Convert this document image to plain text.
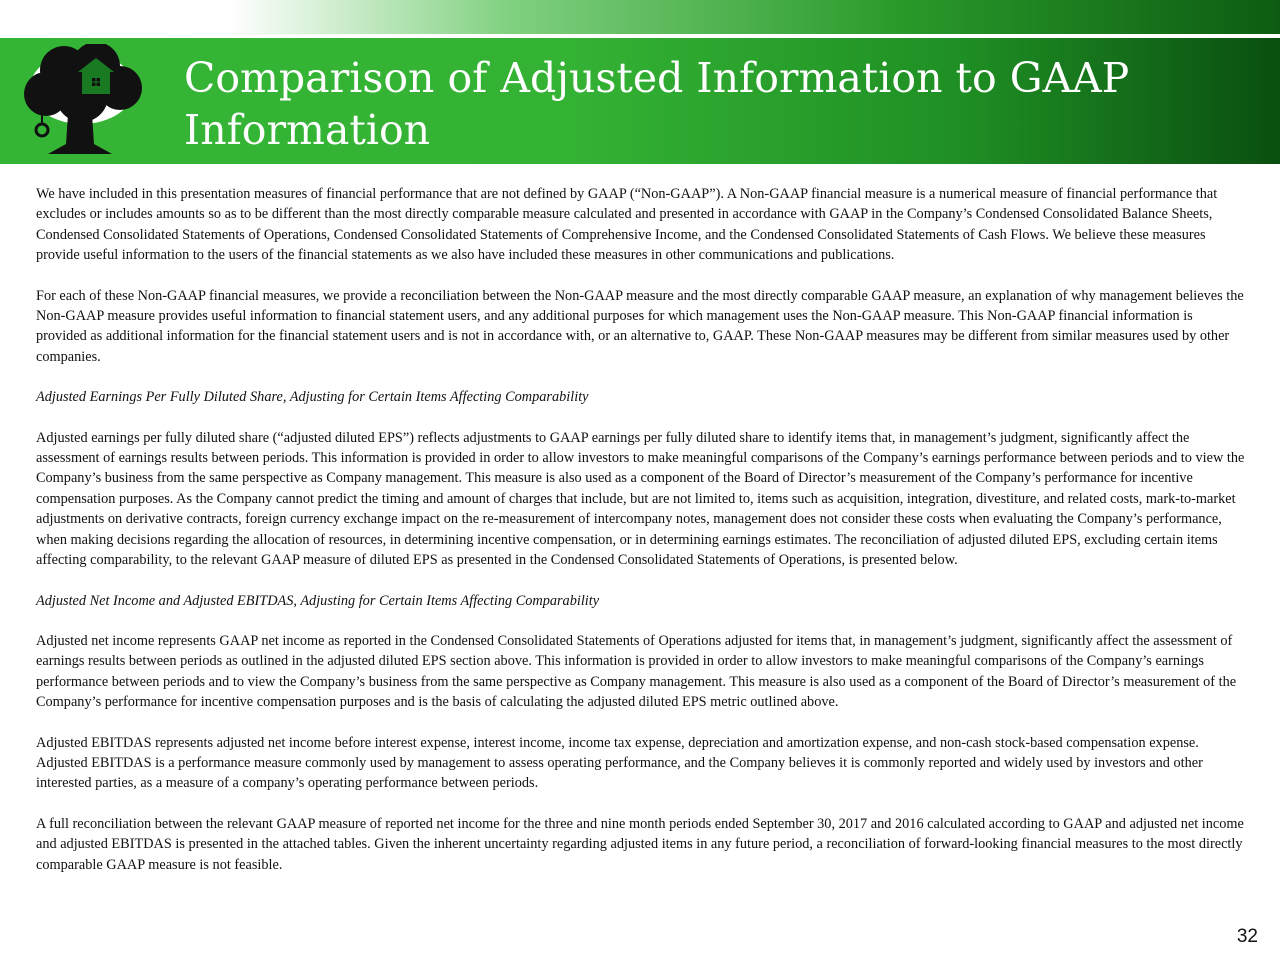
Comparison of Adjusted Information to GAAP Information

We have included in this presentation measures of financial performance that are not defined by GAAP (“Non-GAAP”). A Non-GAAP financial measure is a numerical measure of financial performance that excludes or includes amounts so as to be different than the most directly comparable measure calculated and presented in accordance with GAAP in the Company’s Condensed Consolidated Balance Sheets, Condensed Consolidated Statements of Operations, Condensed Consolidated Statements of Comprehensive Income, and the Condensed Consolidated Statements of Cash Flows. We believe these measures provide useful information to the users of the financial statements as we also have included these measures in other communications and publications.

For each of these Non-GAAP financial measures, we provide a reconciliation between the Non-GAAP measure and the most directly comparable GAAP measure, an explanation of why management believes the Non-GAAP measure provides useful information to financial statement users, and any additional purposes for which management uses the Non-GAAP measure. This Non-GAAP financial information is provided as additional information for the financial statement users and is not in accordance with, or an alternative to, GAAP. These Non-GAAP measures may be different from similar measures used by other companies.

Adjusted Earnings Per Fully Diluted Share, Adjusting for Certain Items Affecting Comparability

Adjusted earnings per fully diluted share (“adjusted diluted EPS”) reflects adjustments to GAAP earnings per fully diluted share to identify items that, in management’s judgment, significantly affect the assessment of earnings results between periods. This information is provided in order to allow investors to make meaningful comparisons of the Company’s earnings performance between periods and to view the Company’s business from the same perspective as Company management. This measure is also used as a component of the Board of Director’s measurement of the Company’s performance for incentive compensation purposes. As the Company cannot predict the timing and amount of charges that include, but are not limited to, items such as acquisition, integration, divestiture, and related costs, mark-to-market adjustments on derivative contracts, foreign currency exchange impact on the re-measurement of intercompany notes, management does not consider these costs when evaluating the Company’s performance, when making decisions regarding the allocation of resources, in determining incentive compensation, or in determining earnings estimates. The reconciliation of adjusted diluted EPS, excluding certain items affecting comparability, to the relevant GAAP measure of diluted EPS as presented in the Condensed Consolidated Statements of Operations, is presented below.

Adjusted Net Income and Adjusted EBITDAS, Adjusting for Certain Items Affecting Comparability

Adjusted net income represents GAAP net income as reported in the Condensed Consolidated Statements of Operations adjusted for items that, in management’s judgment, significantly affect the assessment of earnings results between periods as outlined in the adjusted diluted EPS section above. This information is provided in order to allow investors to make meaningful comparisons of the Company’s earnings performance between periods and to view the Company’s business from the same perspective as Company management. This measure is also used as a component of the Board of Director’s measurement of the Company’s performance for incentive compensation purposes and is the basis of calculating the adjusted diluted EPS metric outlined above.

Adjusted EBITDAS represents adjusted net income before interest expense, interest income, income tax expense, depreciation and amortization expense, and non-cash stock-based compensation expense. Adjusted EBITDAS is a performance measure commonly used by management to assess operating performance, and the Company believes it is commonly reported and widely used by investors and other interested parties, as a measure of a company’s operating performance between periods.

A full reconciliation between the relevant GAAP measure of reported net income for the three and nine month periods ended September 30, 2017 and 2016 calculated according to GAAP and adjusted net income and adjusted EBITDAS is presented in the attached tables. Given the inherent uncertainty regarding adjusted items in any future period, a reconciliation of forward-looking financial measures to the most directly comparable GAAP measure is not feasible.

32
